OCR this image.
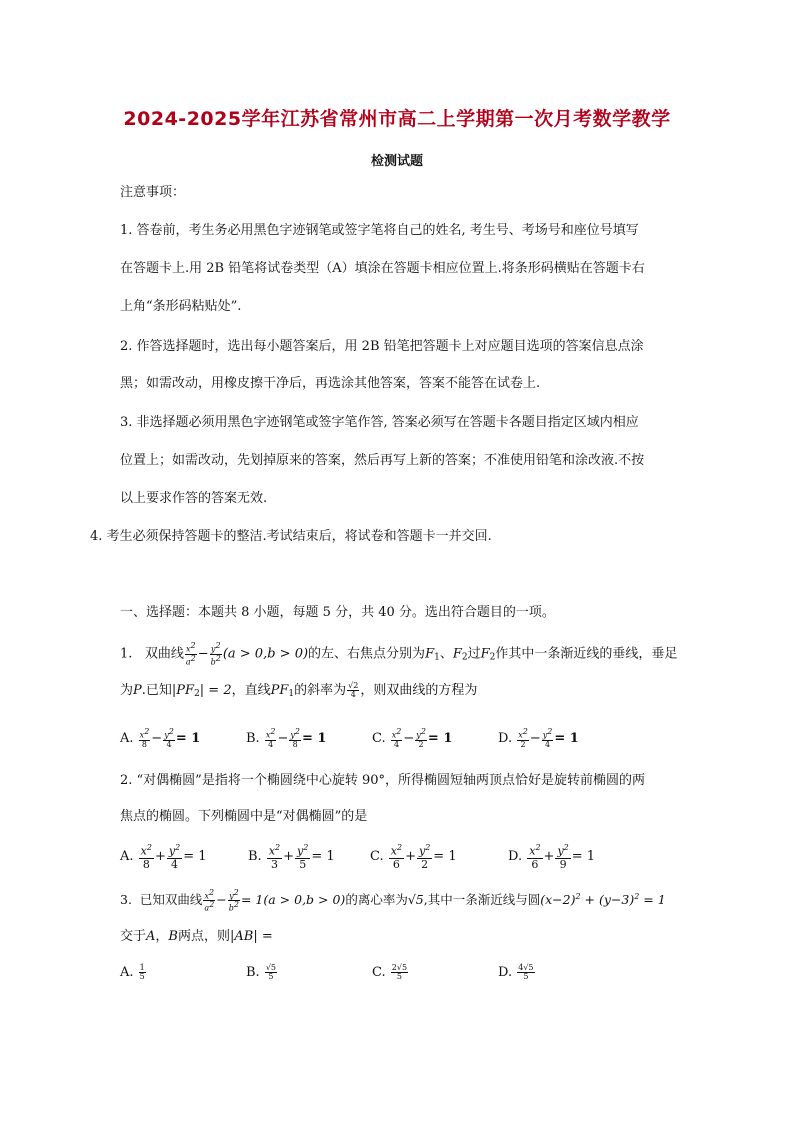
2024-2025学年江苏省常州市高二上学期第一次月考数学教学
检测试题
注意事项：
1. 答卷前，考生务必用黑色字迹钢笔或签字笔将自己的姓名, 考生号、考场号和座位号填写
在答题卡上.用 2B 铅笔将试卷类型（A）填涂在答题卡相应位置上.将条形码横贴在答题卡右
上角“条形码粘贴处”.
2. 作答选择题时，选出每小题答案后，用 2B 铅笔把答题卡上对应题目选项的答案信息点涂
黑；如需改动，用橡皮擦干净后，再选涂其他答案，答案不能答在试卷上.
3. 非选择题必须用黑色字迹钢笔或签字笔作答, 答案必须写在答题卡各题目指定区域内相应
位置上；如需改动，先划掉原来的答案，然后再写上新的答案；不准使用铅笔和涂改液.不按
以上要求作答的答案无效.
4. 考生必须保持答题卡的整洁.考试结束后，将试卷和答题卡一并交回.
一、选择题：本题共 8 小题，每题 5 分，共 40 分。选出符合题目的一项。
1. 双曲线 $\frac{x^2}{a^2} - \frac{y^2}{b^2} (a > 0,b > 0)$的左、右焦点分别为$F_1$、$F_2$过$F_2$作其中一条渐近线的垂线，垂足
为P.已知$|PF_2| = 2$，直线$PF_1$的斜率为 $\frac{√2}{4}$ ，则双曲线的方程为
A. $\frac{x^2}{8} - \frac{y^2}{4} = 1$	B. $\frac{x^2}{4} - \frac{y^2}{8} = 1$	C. $\frac{x^2}{4} - \frac{y^2}{2} = 1$	D. $\frac{x^2}{2} - \frac{y^2}{4} = 1$
2. “对偶椭圆”是指将一个椭圆绕中心旋转 90°，所得椭圆短轴两顶点恰好是旋转前椭圆的两
焦点的椭圆。下列椭圆中是“对偶椭圆”的是
A. $\frac{x^2}{8} + \frac{y^2}{4} = 1$	B. $\frac{x^2}{3} + \frac{y^2}{5} = 1$	C. $\frac{x^2}{6} + \frac{y^2}{2} = 1$	D. $\frac{x^2}{6} + \frac{y^2}{9} = 1$
3. 已知双曲线 $\frac{x^2}{a^2} - \frac{y^2}{b^2} = 1(a > 0,b > 0)$的离心率为√5,其中一条渐近线与圆$(x-2)^2 + (y-3)^2 = 1$
交于A，B两点，则|AB| =
A. $\frac{1}{5}$	B. $\frac{√5}{5}$	C. $\frac{2√5}{5}$	D. $\frac{4√5}{5}$
